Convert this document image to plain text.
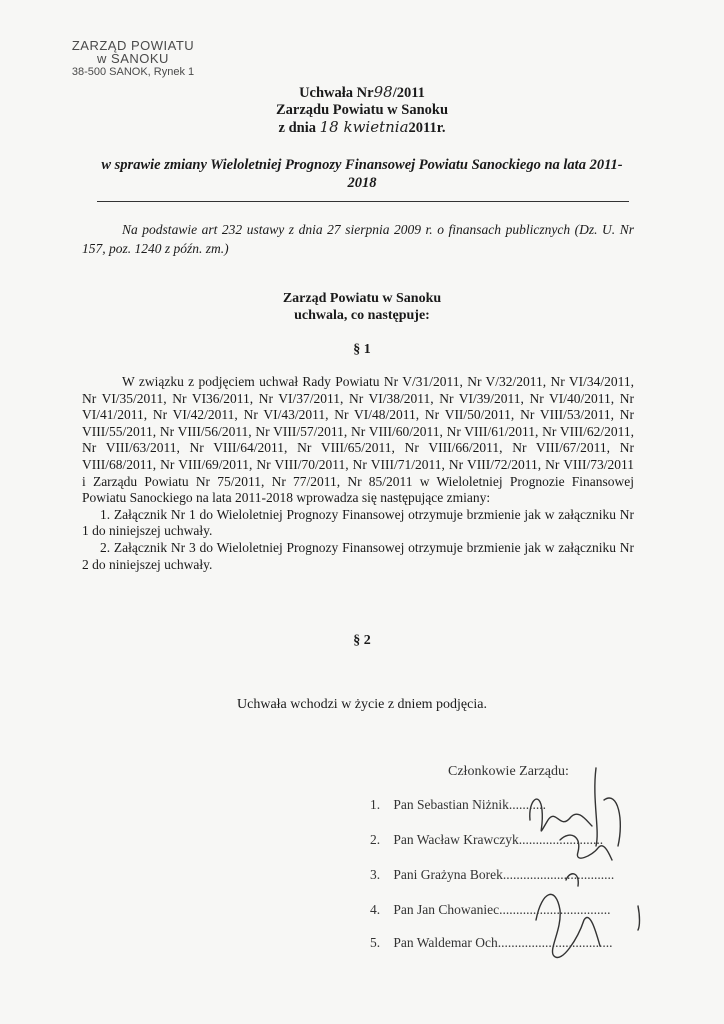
ZARZĄD POWIATU
w SANOKU
38-500 SANOK, Rynek 1
Uchwała Nr98/2011
Zarządu Powiatu w Sanoku
z dnia 18 kwietnia2011r.
w sprawie zmiany Wieloletniej Prognozy Finansowej Powiatu Sanockiego na lata 2011-2018
Na podstawie art 232 ustawy z dnia 27 sierpnia 2009 r. o finansach publicznych (Dz. U. Nr 157, poz. 1240 z późn. zm.)
Zarząd Powiatu w Sanoku
uchwala, co następuje:
§ 1

W związku z podjęciem uchwał Rady Powiatu Nr V/31/2011, Nr V/32/2011, Nr VI/34/2011, Nr VI/35/2011, Nr VI36/2011, Nr VI/37/2011, Nr VI/38/2011, Nr VI/39/2011, Nr VI/40/2011, Nr VI/41/2011, Nr VI/42/2011, Nr VI/43/2011, Nr VI/48/2011, Nr VII/50/2011, Nr VIII/53/2011, Nr VIII/55/2011, Nr VIII/56/2011, Nr VIII/57/2011, Nr VIII/60/2011, Nr VIII/61/2011, Nr VIII/62/2011, Nr VIII/63/2011, Nr VIII/64/2011, Nr VIII/65/2011, Nr VIII/66/2011, Nr VIII/67/2011, Nr VIII/68/2011, Nr VIII/69/2011, Nr VIII/70/2011, Nr VIII/71/2011, Nr VIII/72/2011, Nr VIII/73/2011 i Zarządu Powiatu Nr 75/2011, Nr 77/2011, Nr 85/2011 w Wieloletniej Prognozie Finansowej Powiatu Sanockiego na lata 2011-2018 wprowadza się następujące zmiany:

1. Załącznik Nr 1 do Wieloletniej Prognozy Finansowej otrzymuje brzmienie jak w załączniku Nr 1 do niniejszej uchwały.

2. Załącznik Nr 3 do Wieloletniej Prognozy Finansowej otrzymuje brzmienie jak w załączniku Nr 2 do niniejszej uchwały.

§ 2
Uchwała wchodzi w życie z dniem podjęcia.
Członkowie Zarządu:
1. Pan Sebastian Niżnik...........
2. Pan Wacław Krawczyk.........................
3. Pani Grażyna Borek.................................
4. Pan Jan Chowaniec.................................
5. Pan Waldemar Och..................................
